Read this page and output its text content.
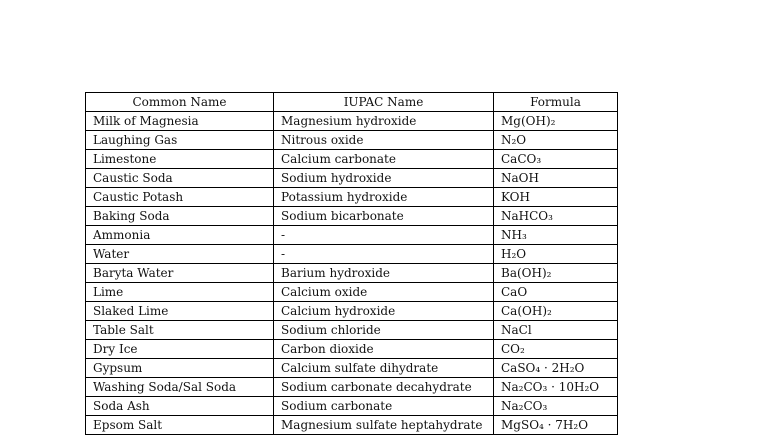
Common Name	IUPAC Name	Formula
Milk of Magnesia	Magnesium hydroxide	Mg(OH)₂
Laughing Gas	Nitrous oxide	N₂O
Limestone	Calcium carbonate	CaCO₃
Caustic Soda	Sodium hydroxide	NaOH
Caustic Potash	Potassium hydroxide	KOH
Baking Soda	Sodium bicarbonate	NaHCO₃
Ammonia	-	NH₃
Water	-	H₂O
Baryta Water	Barium hydroxide	Ba(OH)₂
Lime	Calcium oxide	CaO
Slaked Lime	Calcium hydroxide	Ca(OH)₂
Table Salt	Sodium chloride	NaCl
Dry Ice	Carbon dioxide	CO₂
Gypsum	Calcium sulfate dihydrate	CaSO₄ · 2H₂O
Washing Soda/Sal Soda	Sodium carbonate decahydrate	Na₂CO₃ · 10H₂O
Soda Ash	Sodium carbonate	Na₂CO₃
Epsom Salt	Magnesium sulfate heptahydrate	MgSO₄ · 7H₂O
